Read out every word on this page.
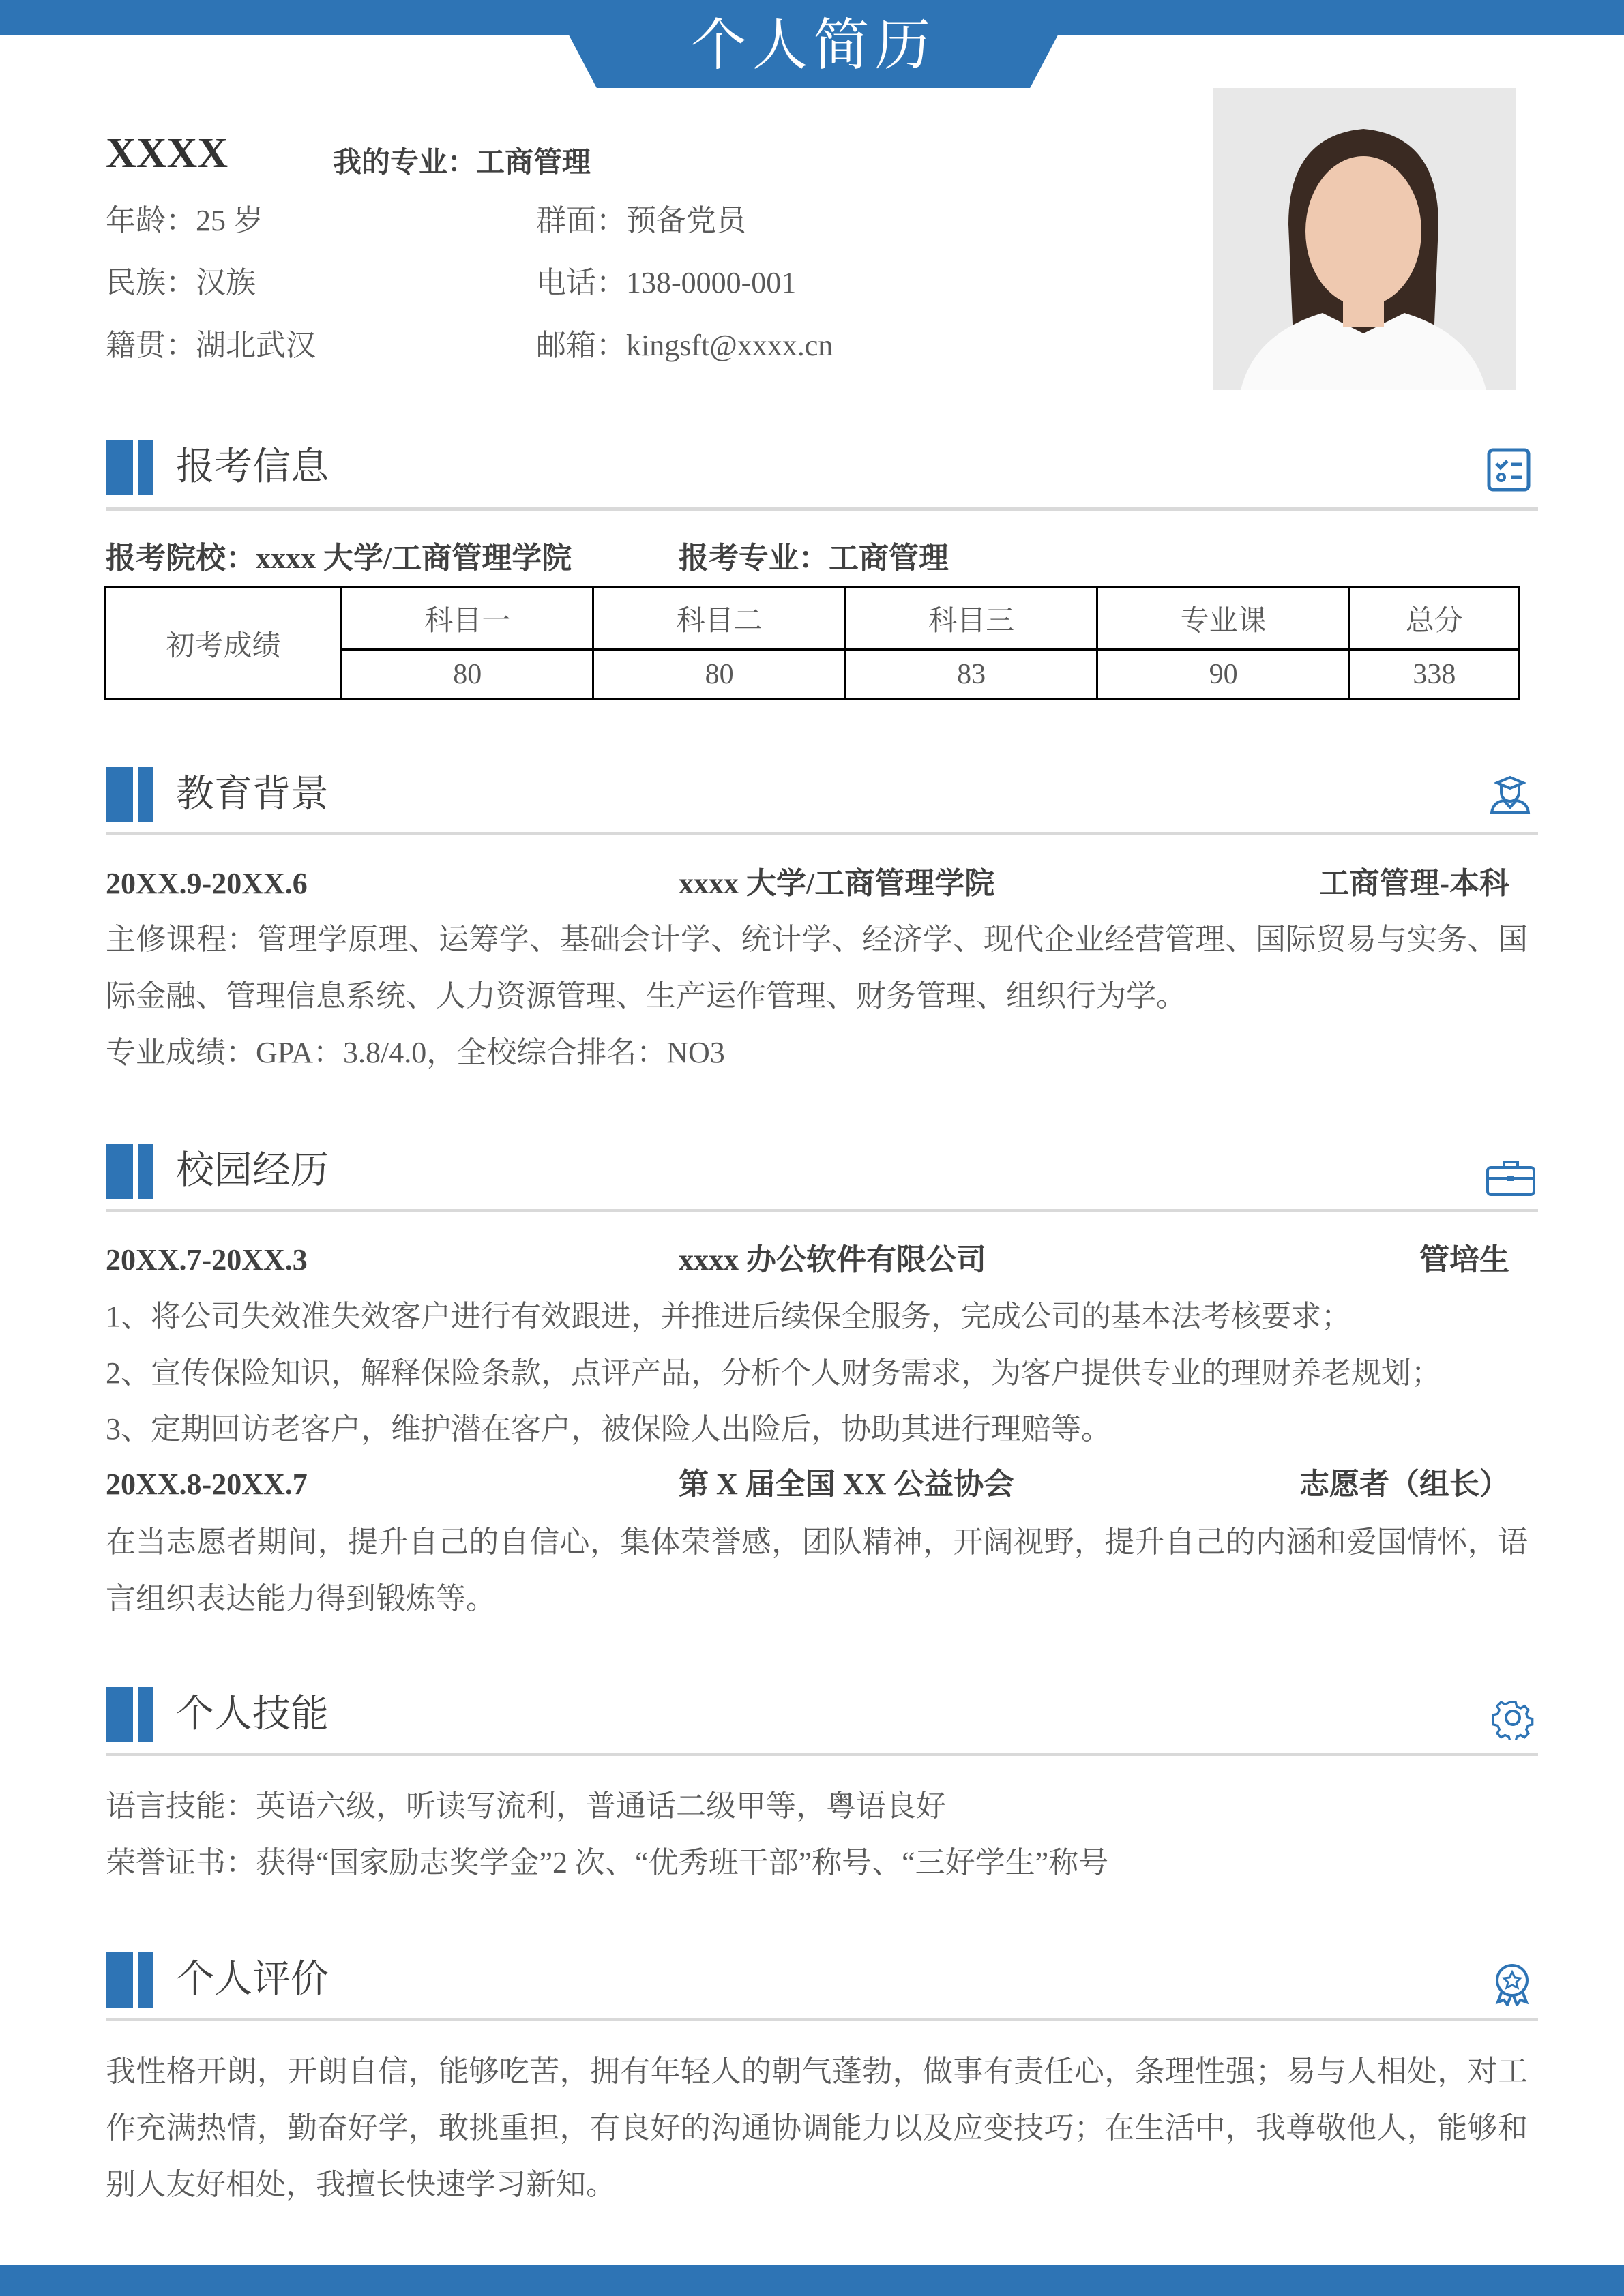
个人简历
XXXX	我的专业：工商管理
年龄：25 岁	群面：预备党员
民族：汉族	电话：138-0000-001
籍贯：湖北武汉	邮箱：kingsft@xxxx.cn
报考信息
报考院校：xxxx 大学/工商管理学院	报考专业：工商管理
初考成绩	科目一	科目二	科目三	专业课	总分
	80	80	83	90	338
教育背景
20XX.9-20XX.6	xxxx 大学/工商管理学院	工商管理-本科
主修课程：管理学原理、运筹学、基础会计学、统计学、经济学、现代企业经营管理、国际贸易与实务、国际金融、管理信息系统、人力资源管理、生产运作管理、财务管理、组织行为学。
专业成绩：GPA：3.8/4.0，全校综合排名：NO3
校园经历
20XX.7-20XX.3	xxxx 办公软件有限公司	管培生
1、将公司失效准失效客户进行有效跟进，并推进后续保全服务，完成公司的基本法考核要求；
2、宣传保险知识，解释保险条款，点评产品，分析个人财务需求，为客户提供专业的理财养老规划；
3、定期回访老客户，维护潜在客户，被保险人出险后，协助其进行理赔等。
20XX.8-20XX.7	第 X 届全国 XX 公益协会	志愿者（组长）
在当志愿者期间，提升自己的自信心，集体荣誉感，团队精神，开阔视野，提升自己的内涵和爱国情怀，语言组织表达能力得到锻炼等。
个人技能
语言技能：英语六级，听读写流利，普通话二级甲等，粤语良好
荣誉证书：获得“国家励志奖学金”2 次、“优秀班干部”称号、“三好学生”称号
个人评价
我性格开朗，开朗自信，能够吃苦，拥有年轻人的朝气蓬勃，做事有责任心，条理性强；易与人相处，对工作充满热情，勤奋好学，敢挑重担，有良好的沟通协调能力以及应变技巧；在生活中，我尊敬他人，能够和别人友好相处，我擅长快速学习新知。
